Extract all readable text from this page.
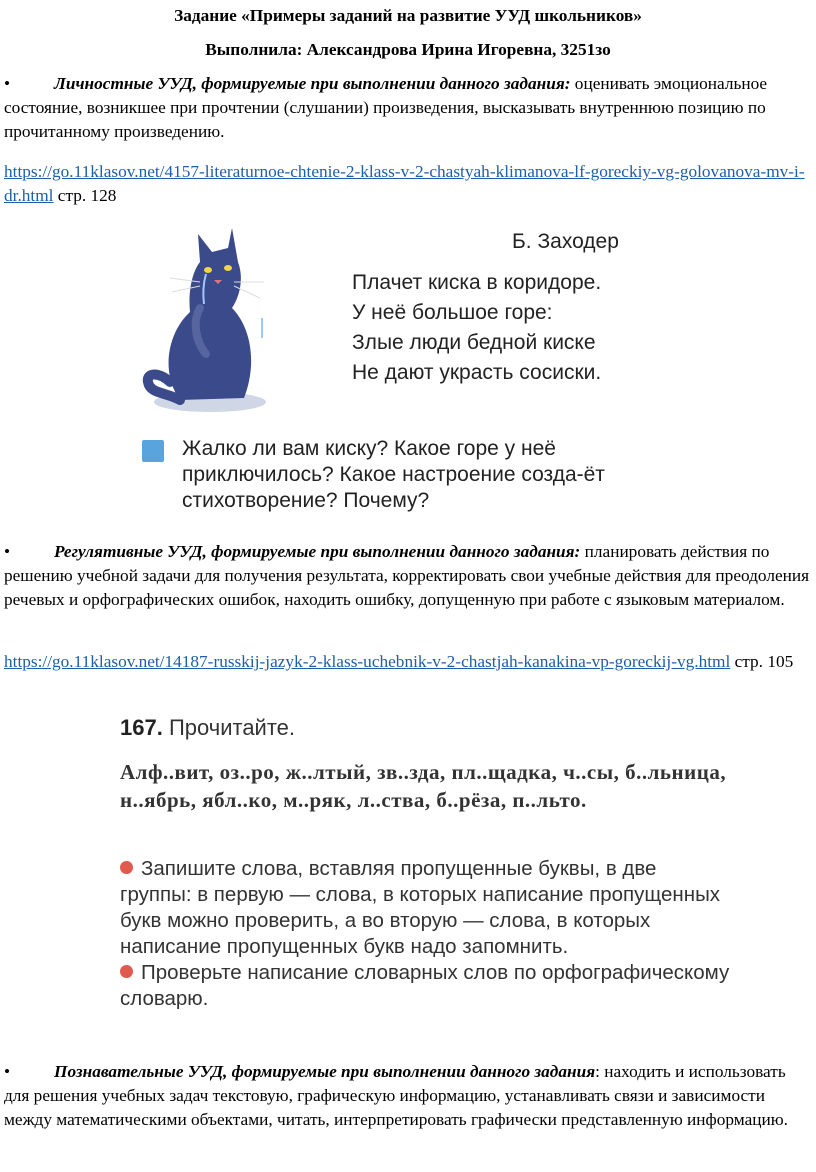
Задание «Примеры заданий на развитие УУД школьников»
Выполнила: Александрова Ирина Игоревна, 3251зо
•	Личностные УУД, формируемые при выполнении данного задания: оценивать эмоциональное состояние, возникшее при прочтении (слушании) произведения, высказывать внутреннюю позицию по прочитанному произведению.
https://go.11klasov.net/4157-literaturnoe-chtenie-2-klass-v-2-chastyah-klimanova-lf-goreckiy-vg-golovanova-mv-i-dr.html стр. 128
Б. Заходер
Плачет киска в коридоре.
У неё большое горе:
Злые люди бедной киске
Не дают украсть сосиски.
Жалко ли вам киску? Какое горе у неё приключилось? Какое настроение созда-ёт стихотворение? Почему?
•	Регулятивные УУД, формируемые при выполнении данного задания: планировать действия по решению учебной задачи для получения результата, корректировать свои учебные действия для преодоления речевых и орфографических ошибок, находить ошибку, допущенную при работе с языковым материалом.
https://go.11klasov.net/14187-russkij-jazyk-2-klass-uchebnik-v-2-chastjah-kanakina-vp-goreckij-vg.html стр. 105
167. Прочитайте.
Алф..вит, оз..ро, ж..лтый, зв..зда, пл..щадка, ч..сы, б..льница, н..ябрь, ябл..ко, м..ряк, л..ства, б..рёза, п..льто.
Запишите слова, вставляя пропущенные буквы, в две группы: в первую — слова, в которых написание пропущенных букв можно проверить, а во вторую — слова, в которых написание пропущенных букв надо запомнить.
Проверьте написание словарных слов по орфографическому словарю.
•	Познавательные УУД, формируемые при выполнении данного задания: находить и использовать для решения учебных задач текстовую, графическую информацию, устанавливать связи и зависимости между математическими объектами, читать, интерпретировать графически представленную информацию.
